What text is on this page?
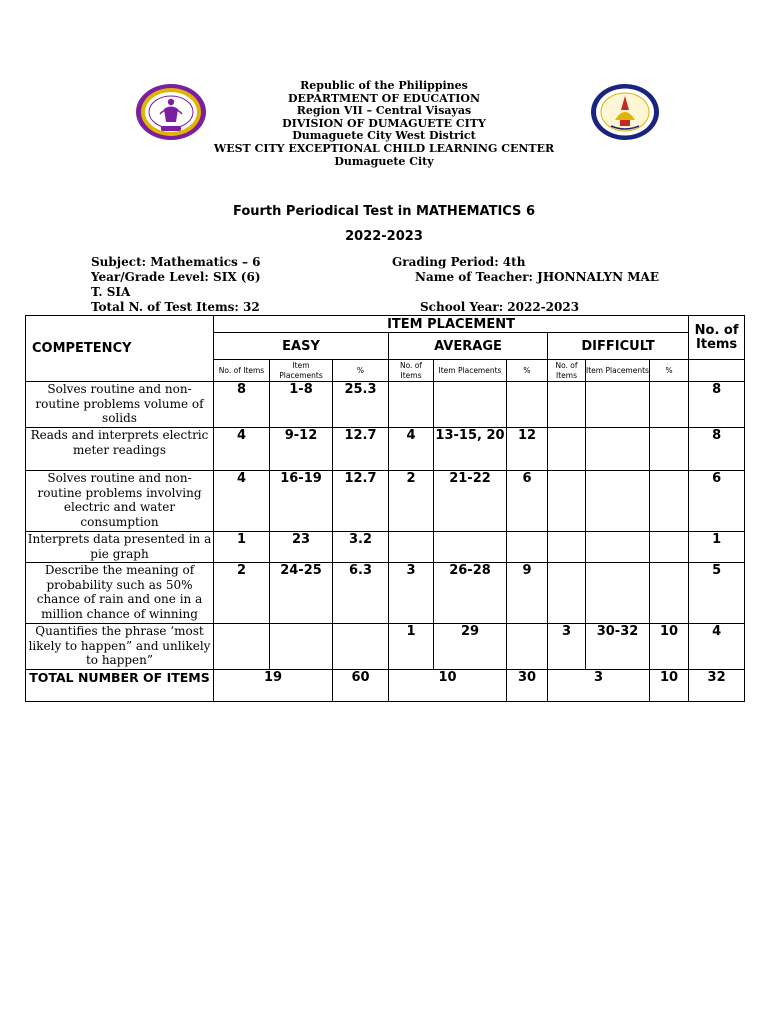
Republic of the Philippines
DEPARTMENT OF EDUCATION
Region VII – Central Visayas
DIVISION OF DUMAGUETE CITY
Dumaguete City West District
WEST CITY EXCEPTIONAL CHILD LEARNING CENTER
Dumaguete City
Fourth Periodical Test in MATHEMATICS 6
2022-2023
Subject: Mathematics – 6	Grading Period: 4th
Year/Grade Level: SIX (6)	Name of Teacher: JHONNALYN MAE
T. SIA
Total N. of Test Items: 32	School Year: 2022-2023
COMPETENCY	ITEM PLACEMENT									No. of Items
	EASY			AVERAGE			DIFFICULT			
	No. of Items	Item Placements	%	No. of Items	Item Placements	%	No. of Items	Item Placements	%	
Solves routine and non-routine problems volume of solids	8	1-8	25.3							8
Reads and interprets electric meter readings	4	9-12	12.7	4	13-15, 20	12				8
Solves routine and non-routine problems involving electric and water consumption	4	16-19	12.7	2	21-22	6				6
Interprets data presented in a pie graph	1	23	3.2							1
Describe the meaning of probability such as 50% chance of rain and one in a million chance of winning	2	24-25	6.3	3	26-28	9				5
Quantifies the phrase ‘most likely to happen” and unlikely to happen”				1	29		3	30-32	10	4
TOTAL NUMBER OF ITEMS	19		60	10		30	3		10	32
